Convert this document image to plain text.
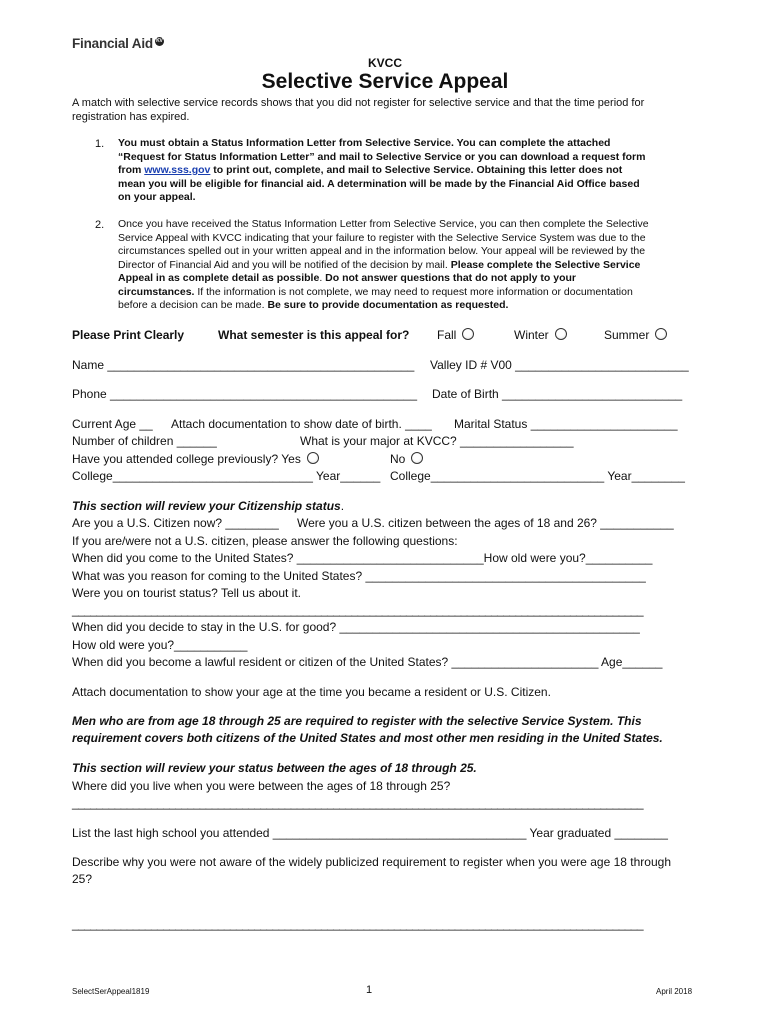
Financial Aid KV
KVCC
Selective Service Appeal
A match with selective service records shows that you did not register for selective service and that the time period for
registration has expired.
1. You must obtain a Status Information Letter from Selective Service. You can complete the attached
“Request for Status Information Letter” and mail to Selective Service or you can download a request form
from www.sss.gov to print out, complete, and mail to Selective Service. Obtaining this letter does not
mean you will be eligible for financial aid. A determination will be made by the Financial Aid Office based
on your appeal.
2. Once you have received the Status Information Letter from Selective Service, you can then complete the Selective
Service Appeal with KVCC indicating that your failure to register with the Selective Service System was due to the
circumstances spelled out in your written appeal and in the information below. Your appeal will be reviewed by the
Director of Financial Aid and you will be notified of the decision by mail. Please complete the Selective Service
Appeal in as complete detail as possible. Do not answer questions that do not apply to your
circumstances. If the information is not complete, we may need to request more information or documentation
before a decision can be made. Be sure to provide documentation as requested.
Please Print Clearly	What semester is this appeal for? Fall	Winter	Summer
Name ______________________________________________ Valley ID # V00 __________________________
Phone ______________________________________________ Date of Birth ___________________________
Current Age __ Attach documentation to show date of birth. ____ Marital Status ______________________
Number of children ______	What is your major at KVCC? _________________
Have you attended college previously? Yes	No
College______________________________ Year______ College__________________________ Year________
This section will review your Citizenship status.
Are you a U.S. Citizen now? ________ Were you a U.S. citizen between the ages of 18 and 26? ___________
If you are/were not a U.S. citizen, please answer the following questions:
When did you come to the United States? ____________________________How old were you?__________
What was you reason for coming to the United States? __________________________________________
Were you on tourist status? Tell us about it.
______________________________________________________________________________________________
When did you decide to stay in the U.S. for good? _____________________________________________
How old were you?___________
When did you become a lawful resident or citizen of the United States? ______________________ Age______
Attach documentation to show your age at the time you became a resident or U.S. Citizen.
Men who are from age 18 through 25 are required to register with the selective Service System. This
requirement covers both citizens of the United States and most other men residing in the United States.
This section will review your status between the ages of 18 through 25.
Where did you live when you were between the ages of 18 through 25?
______________________________________________________________________________________________
List the last high school you attended ______________________________________ Year graduated ________
Describe why you were not aware of the widely publicized requirement to register when you were age 18 through
25?
______________________________________________________________________________________________
SelectSerAppeal1819	1	April 2018
